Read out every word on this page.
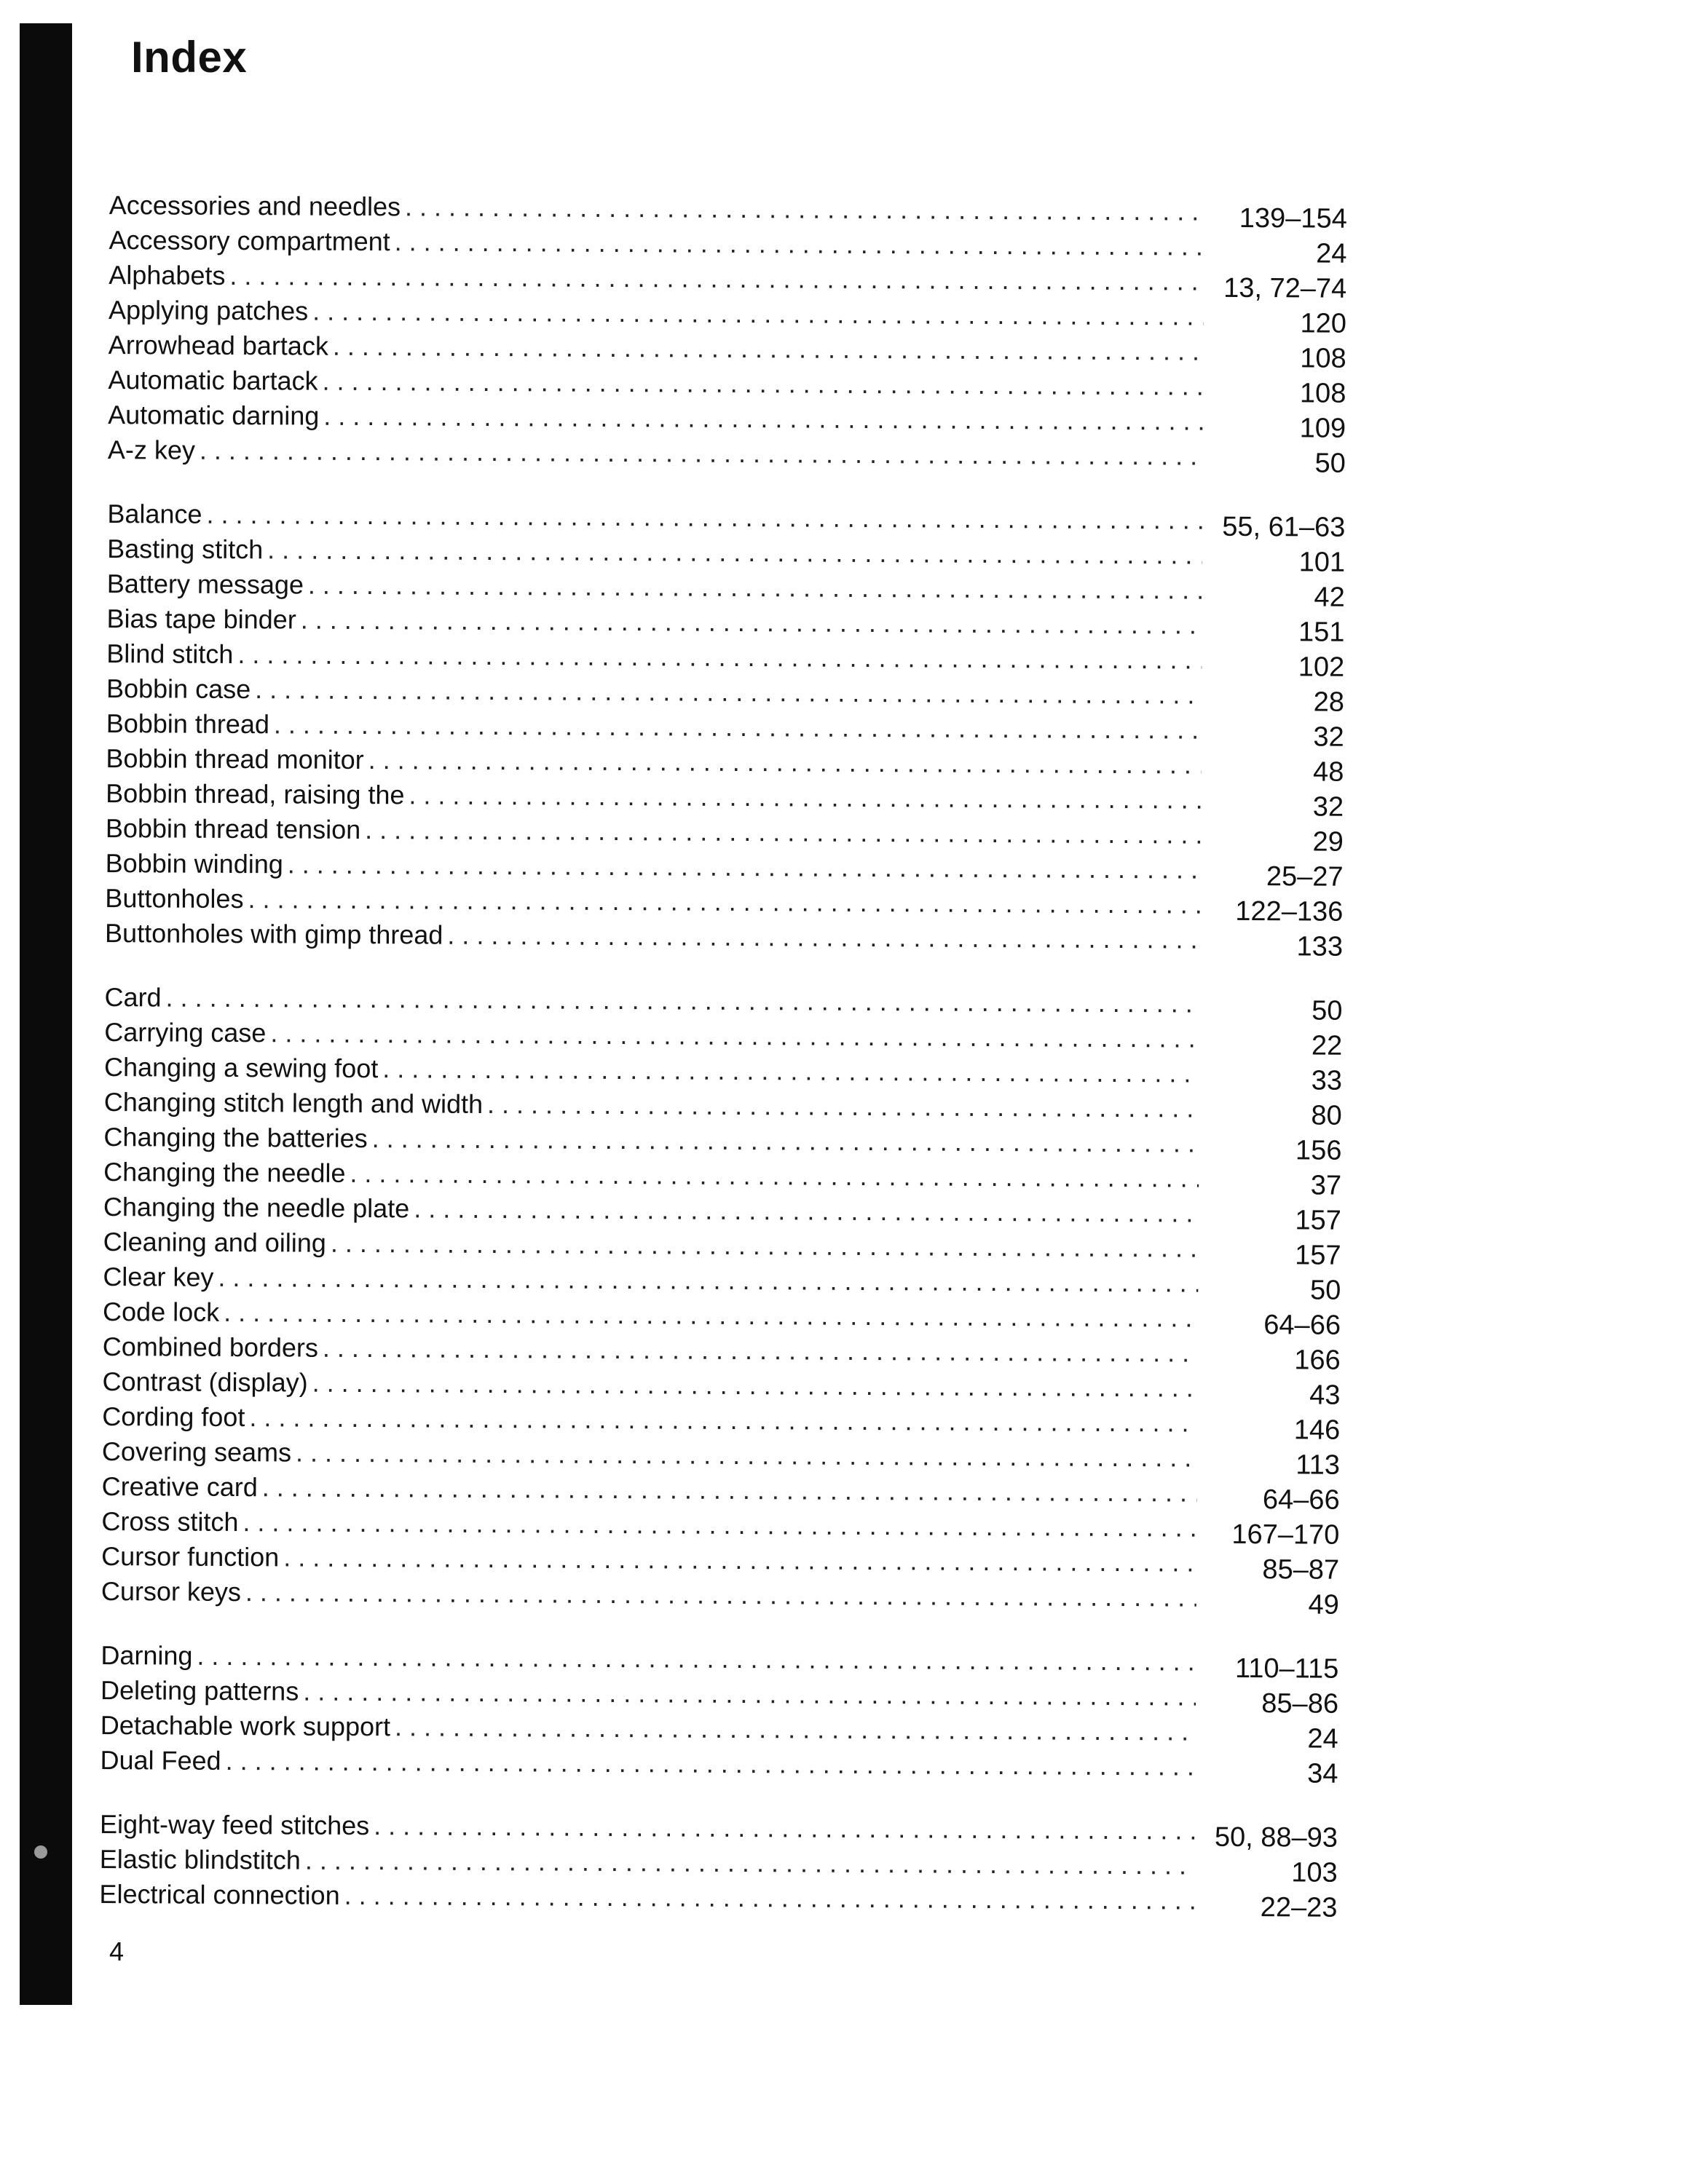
Index
Accessories and needles . . .	139–154
Accessory compartment . . .	24
Alphabets . . .	13, 72–74
Applying patches . . .	120
Arrowhead bartack . . .	108
Automatic bartack . . .	108
Automatic darning . . .	109
A-z key . . .	50
Balance . . .	55, 61–63
Basting stitch . . .	101
Battery message . . .	42
Bias tape binder . . .	151
Blind stitch . . .	102
Bobbin case . . .	28
Bobbin thread . . .	32
Bobbin thread monitor . . .	48
Bobbin thread, raising the . . .	32
Bobbin thread tension . . .	29
Bobbin winding . . .	25–27
Buttonholes . . .	122–136
Buttonholes with gimp thread . . .	133
Card . . .	50
Carrying case . . .	22
Changing a sewing foot . . .	33
Changing stitch length and width . . .	80
Changing the batteries . . .	156
Changing the needle . . .	37
Changing the needle plate . . .	157
Cleaning and oiling . . .	157
Clear key . . .	50
Code lock . . .	64–66
Combined borders . . .	166
Contrast (display) . . .	43
Cording foot . . .	146
Covering seams . . .	113
Creative card . . .	64–66
Cross stitch . . .	167–170
Cursor function . . .	85–87
Cursor keys . . .	49
Darning . . .	110–115
Deleting patterns . . .	85–86
Detachable work support . . .	24
Dual Feed . . .	34
Eight-way feed stitches . . .	50, 88–93
Elastic blindstitch . . .	103
Electrical connection . . .	22–23
4
